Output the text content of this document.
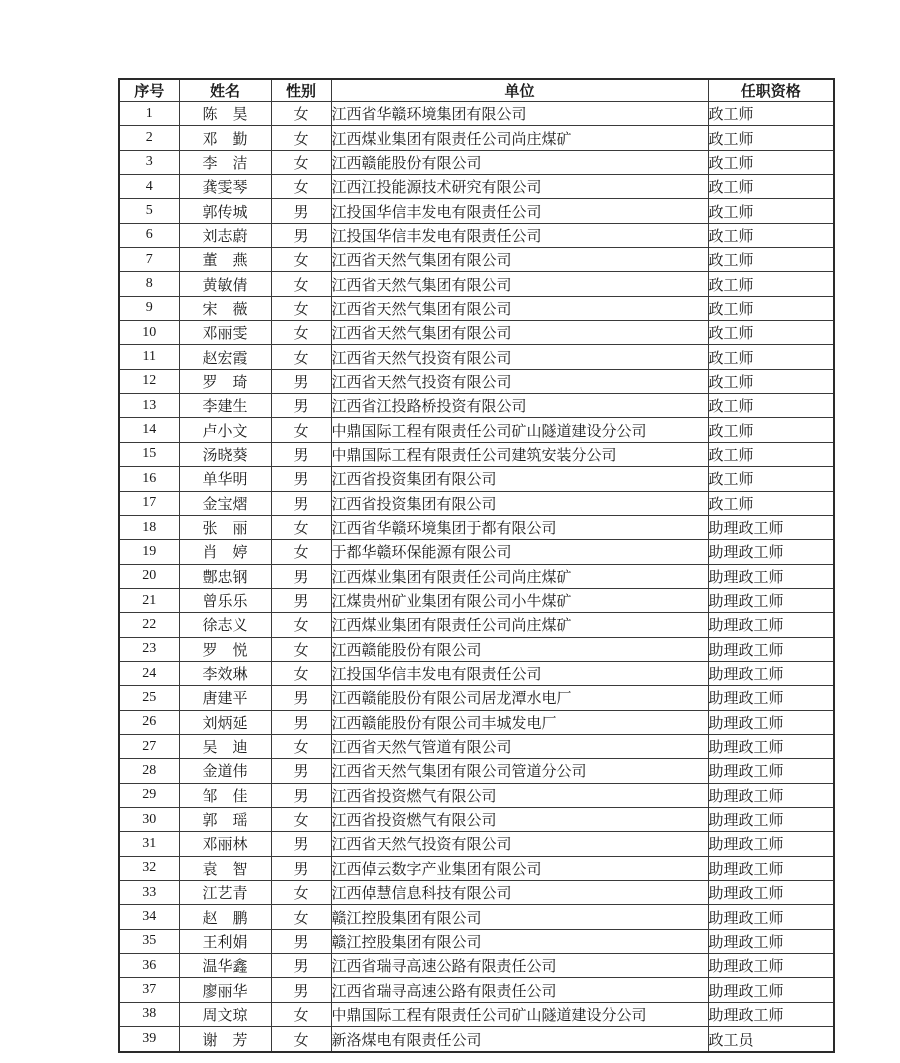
序号	姓名	性别	单位	任职资格
1	陈　昊	女	江西省华赣环境集团有限公司	政工师
2	邓　勤	女	江西煤业集团有限责任公司尚庄煤矿	政工师
3	李　洁	女	江西赣能股份有限公司	政工师
4	龚雯琴	女	江西江投能源技术研究有限公司	政工师
5	郭传城	男	江投国华信丰发电有限责任公司	政工师
6	刘志蔚	男	江投国华信丰发电有限责任公司	政工师
7	董　燕	女	江西省天然气集团有限公司	政工师
8	黄敏倩	女	江西省天然气集团有限公司	政工师
9	宋　薇	女	江西省天然气集团有限公司	政工师
10	邓丽雯	女	江西省天然气集团有限公司	政工师
11	赵宏霞	女	江西省天然气投资有限公司	政工师
12	罗　琦	男	江西省天然气投资有限公司	政工师
13	李建生	男	江西省江投路桥投资有限公司	政工师
14	卢小文	女	中鼎国际工程有限责任公司矿山隧道建设分公司	政工师
15	汤晓葵	男	中鼎国际工程有限责任公司建筑安装分公司	政工师
16	单华明	男	江西省投资集团有限公司	政工师
17	金宝熠	男	江西省投资集团有限公司	政工师
18	张　丽	女	江西省华赣环境集团于都有限公司	助理政工师
19	肖　婷	女	于都华赣环保能源有限公司	助理政工师
20	鄷忠钢	男	江西煤业集团有限责任公司尚庄煤矿	助理政工师
21	曾乐乐	男	江煤贵州矿业集团有限公司小牛煤矿	助理政工师
22	徐志义	女	江西煤业集团有限责任公司尚庄煤矿	助理政工师
23	罗　悦	女	江西赣能股份有限公司	助理政工师
24	李效琳	女	江投国华信丰发电有限责任公司	助理政工师
25	唐建平	男	江西赣能股份有限公司居龙潭水电厂	助理政工师
26	刘炳延	男	江西赣能股份有限公司丰城发电厂	助理政工师
27	吴　迪	女	江西省天然气管道有限公司	助理政工师
28	金道伟	男	江西省天然气集团有限公司管道分公司	助理政工师
29	邹　佳	男	江西省投资燃气有限公司	助理政工师
30	郭　瑶	女	江西省投资燃气有限公司	助理政工师
31	邓丽林	男	江西省天然气投资有限公司	助理政工师
32	袁　智	男	江西倬云数字产业集团有限公司	助理政工师
33	江艺青	女	江西倬慧信息科技有限公司	助理政工师
34	赵　鹏	女	赣江控股集团有限公司	助理政工师
35	王利娟	男	赣江控股集团有限公司	助理政工师
36	温华鑫	男	江西省瑞寻高速公路有限责任公司	助理政工师
37	廖丽华	男	江西省瑞寻高速公路有限责任公司	助理政工师
38	周文琼	女	中鼎国际工程有限责任公司矿山隧道建设分公司	助理政工师
39	谢　芳	女	新洛煤电有限责任公司	政工员
